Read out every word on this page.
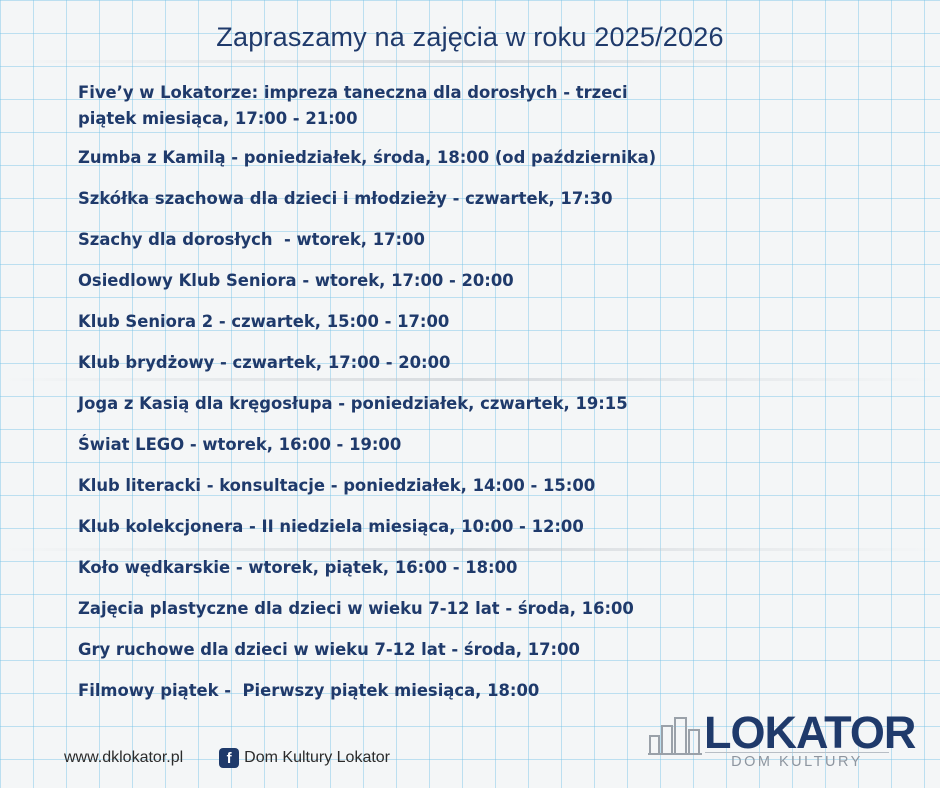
Zapraszamy na zajęcia w roku 2025/2026
Five’y w Lokatorze: impreza taneczna dla dorosłych - trzeci piątek miesiąca, 17:00 - 21:00
Zumba z Kamilą - poniedziałek, środa, 18:00 (od października)
Szkółka szachowa dla dzieci i młodzieży - czwartek, 17:30
Szachy dla dorosłych  - wtorek, 17:00
Osiedlowy Klub Seniora - wtorek, 17:00 - 20:00
Klub Seniora 2 - czwartek, 15:00 - 17:00
Klub brydżowy - czwartek, 17:00 - 20:00
Joga z Kasią dla kręgosłupa - poniedziałek, czwartek, 19:15
Świat LEGO - wtorek, 16:00 - 19:00
Klub literacki - konsultacje - poniedziałek, 14:00 - 15:00
Klub kolekcjonera - II niedziela miesiąca, 10:00 - 12:00
Koło wędkarskie - wtorek, piątek, 16:00 - 18:00
Zajęcia plastyczne dla dzieci w wieku 7-12 lat - środa, 16:00
Gry ruchowe dla dzieci w wieku 7-12 lat - środa, 17:00
Filmowy piątek -  Pierwszy piątek miesiąca, 18:00
www.dklokator.pl	f Dom Kultury Lokator	LOKATOR
DOM KULTURY
